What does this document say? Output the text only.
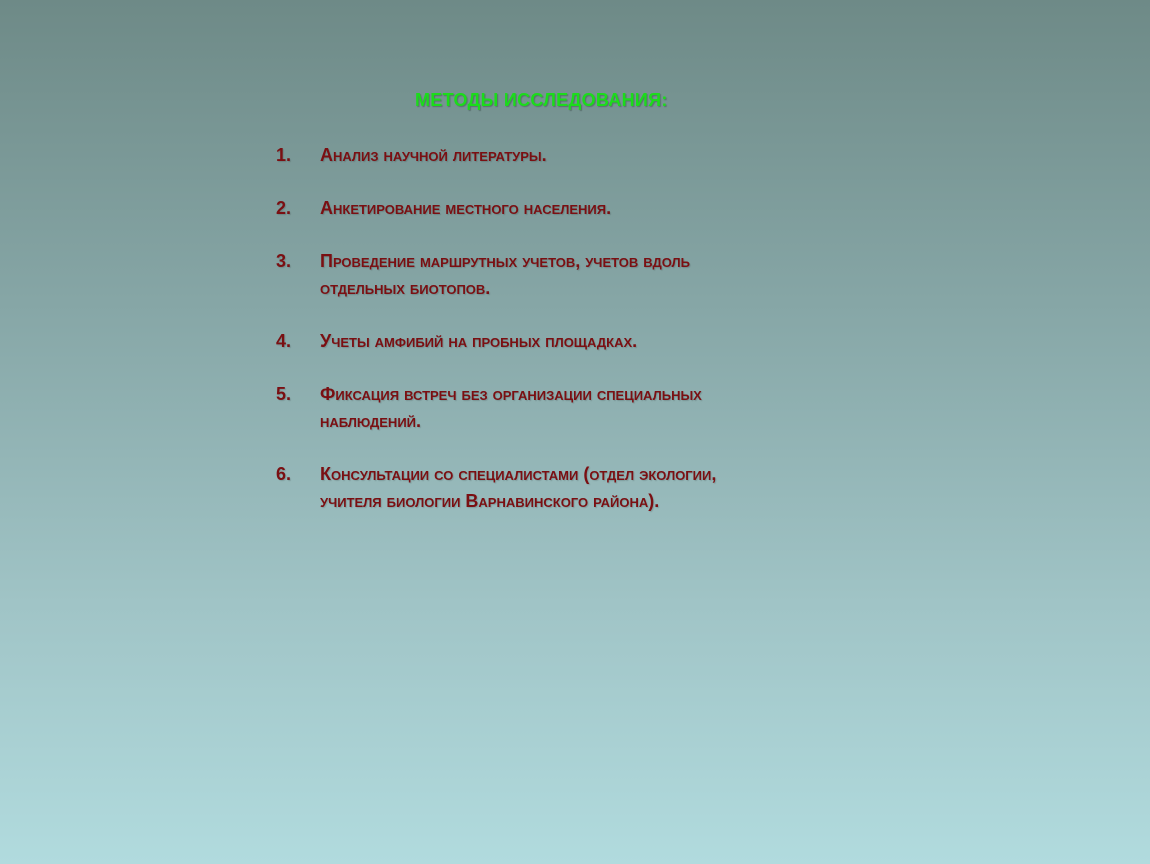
МЕТОДЫ ИССЛЕДОВАНИЯ:
1. Анализ научной литературы.
2. Анкетирование местного населения.
3. Проведение маршрутных учетов, учетов вдоль
отдельных биотопов.
4. Учеты амфибий на пробных площадках.
5. Фиксация встреч без организации специальных
наблюдений.
6. Консультации со специалистами (отдел экологии,
учителя биологии Варнавинского района).
